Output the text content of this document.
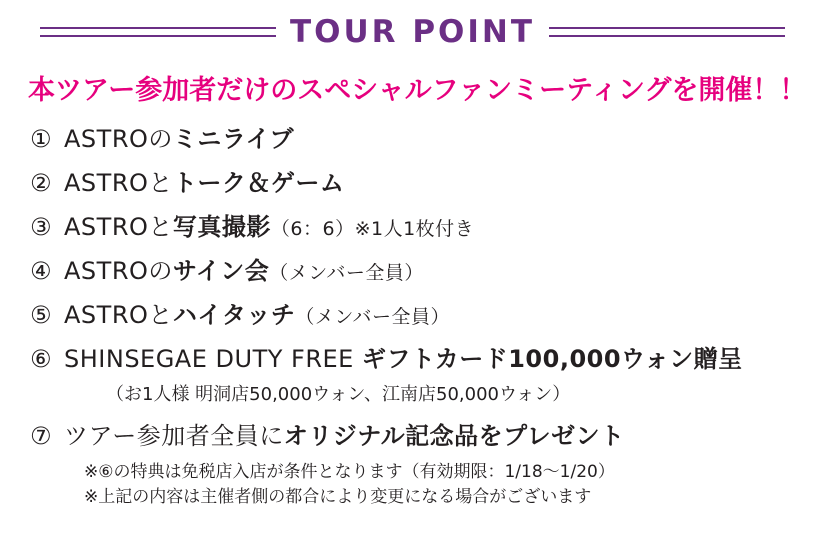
TOUR POINT
本ツアー参加者だけのスペシャルファンミーティングを開催！！
① ASTROのミニライブ
② ASTROとトーク＆ゲーム
③ ASTROと写真撮影（6：6）※1人1枚付き
④ ASTROのサイン会（メンバー全員）
⑤ ASTROとハイタッチ（メンバー全員）
⑥ SHINSEGAE DUTY FREE ギフトカード100,000ウォン贈呈
（お1人様 明洞店50,000ウォン、江南店50,000ウォン）
⑦ ツアー参加者全員にオリジナル記念品をプレゼント
※⑥の特典は免税店入店が条件となります（有効期限：1/18〜1/20）
※上記の内容は主催者側の都合により変更になる場合がございます
